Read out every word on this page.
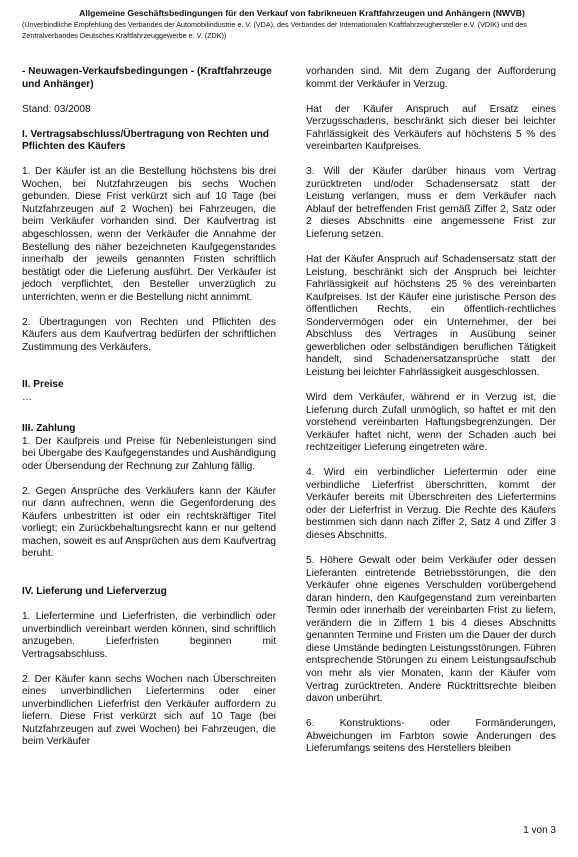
Allgemeine Geschäftsbedingungen für den Verkauf von fabrikneuen Kraftfahrzeugen und Anhängern (NWVB)
(Unverbindliche Empfehlung des Verbandes der Automobilindustrie e. V. (VDA), des Verbandes der Internationalen Kraftfahrzeughersteller e.V. (VDIK) und des
Zentralverbandes Deutsches Kraftfahrzeuggewerbe e. V. (ZDK))
- Neuwagen-Verkaufsbedingungen - (Kraftfahrzeuge und Anhänger)
Stand: 03/2008
I. Vertragsabschluss/Übertragung von Rechten und Pflichten des Käufers
1. Der Käufer ist an die Bestellung höchstens bis drei Wochen, bei Nutzfahrzeugen bis sechs Wochen gebunden. Diese Frist verkürzt sich auf 10 Tage (bei Nutzfahrzeugen auf 2 Wochen) bei Fahrzeugen, die beim Verkäufer vorhanden sind. Der Kaufvertrag ist abgeschlossen, wenn der Verkäufer die Annahme der Bestellung des näher bezeichneten Kaufgegenstandes innerhalb der jeweils genannten Fristen schriftlich bestätigt oder die Lieferung ausführt. Der Verkäufer ist jedoch verpflichtet, den Besteller unverzüglich zu unterrichten, wenn er die Bestellung nicht annimmt.
2. Übertragungen von Rechten und Pflichten des Käufers aus dem Kaufvertrag bedürfen der schriftlichen Zustimmung des Verkäufers.
II. Preise
…
III. Zahlung
1. Der Kaufpreis und Preise für Nebenleistungen sind bei Übergabe des Kaufgegenstandes und Aushändigung oder Übersendung der Rechnung zur Zahlung fällig.
2. Gegen Ansprüche des Verkäufers kann der Käufer nur dann aufrechnen, wenn die Gegenforderung des Käufers unbestritten ist oder ein rechtskräftiger Titel vorliegt; ein Zurückbehaltungsrecht kann er nur geltend machen, soweit es auf Ansprüchen aus dem Kaufvertrag beruht.
IV. Lieferung und Lieferverzug
1. Liefertermine und Lieferfristen, die verbindlich oder unverbindlich vereinbart werden können, sind schriftlich anzugeben. Lieferfristen beginnen mit Vertragsabschluss.
2. Der Käufer kann sechs Wochen nach Überschreiten eines unverbindlichen Liefertermins oder einer unverbindlichen Lieferfrist den Verkäufer auffordern zu liefern. Diese Frist verkürzt sich auf 10 Tage (bei Nutzfahrzeugen auf zwei Wochen) bei Fahrzeugen, die beim Verkäufer
vorhanden sind. Mit dem Zugang der Aufforderung kommt der Verkäufer in Verzug.
Hat der Käufer Anspruch auf Ersatz eines Verzugsschadens, beschränkt sich dieser bei leichter Fahrlässigkeit des Verkäufers auf höchstens 5 % des vereinbarten Kaufpreises.
3. Will der Käufer darüber hinaus vom Vertrag zurücktreten und/oder Schadensersatz statt der Leistung verlangen, muss er dem Verkäufer nach Ablauf der betreffenden Frist gemäß Ziffer 2, Satz oder 2 dieses Abschnitts eine angemessene Frist zur Lieferung setzen.
Hat der Käufer Anspruch auf Schadensersatz statt der Leistung, beschränkt sich der Anspruch bei leichter Fahrlässigkeit auf höchstens 25 % des vereinbarten Kaufpreises. Ist der Käufer eine juristische Person des öffentlichen Rechts, ein öffentlich-rechtliches Sondervermögen oder ein Unternehmer, der bei Abschluss des Vertrages in Ausübung seiner gewerblichen oder selbständigen beruflichen Tätigkeit handelt, sind Schadenersatzansprüche statt der Leistung bei leichter Fahrlässigkeit ausgeschlossen.
Wird dem Verkäufer, während er in Verzug ist, die Lieferung durch Zufall unmöglich, so haftet er mit den vorstehend vereinbarten Haftungsbegrenzungen. Der Verkäufer haftet nicht, wenn der Schaden auch bei rechtzeitiger Lieferung eingetreten wäre.
4. Wird ein verbindlicher Liefertermin oder eine verbindliche Lieferfrist überschritten, kommt der Verkäufer bereits mit Überschreiten des Liefertermins oder der Lieferfrist in Verzug. Die Rechte des Käufers bestimmen sich dann nach Ziffer 2, Satz 4 und Ziffer 3 dieses Abschnitts.
5. Höhere Gewalt oder beim Verkäufer oder dessen Lieferanten eintretende Betriebsstörungen, die den Verkäufer ohne eigenes Verschulden vorübergehend daran hindern, den Kaufgegenstand zum vereinbarten Termin oder innerhalb der vereinbarten Frist zu liefern, verändern die in Ziffern 1 bis 4 dieses Abschnitts genannten Termine und Fristen um die Dauer der durch diese Umstände bedingten Leistungsstörungen. Führen entsprechende Störungen zu einem Leistungsaufschub von mehr als vier Monaten, kann der Käufer vom Vertrag zurücktreten. Andere Rücktrittsrechte bleiben davon unberührt.
6. Konstruktions- oder Formänderungen, Abweichungen im Farbton sowie Änderungen des Lieferumfangs seitens des Herstellers bleiben
1 von 3
